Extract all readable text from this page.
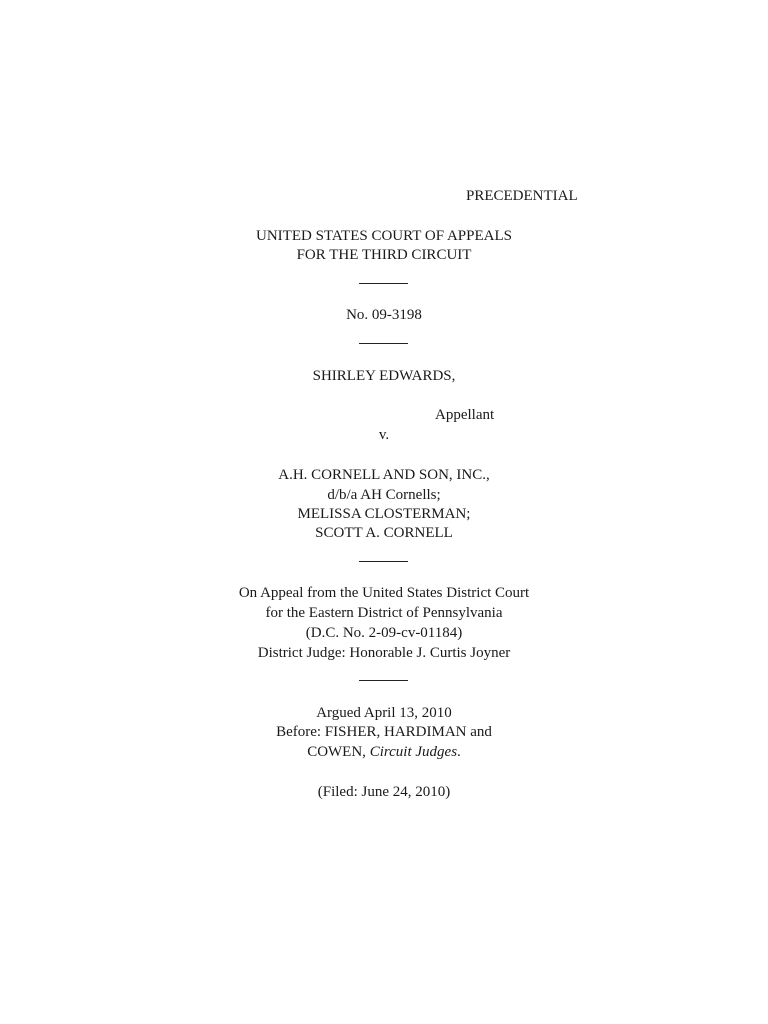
PRECEDENTIAL
UNITED STATES COURT OF APPEALS
FOR THE THIRD CIRCUIT
No. 09-3198
SHIRLEY EDWARDS,
Appellant
v.
A.H. CORNELL AND SON, INC.,
d/b/a AH Cornells;
MELISSA CLOSTERMAN;
SCOTT A. CORNELL
On Appeal from the United States District Court
for the Eastern District of Pennsylvania
(D.C. No. 2-09-cv-01184)
District Judge: Honorable J. Curtis Joyner
Argued April 13, 2010
Before: FISHER, HARDIMAN and
COWEN, Circuit Judges.
(Filed: June 24, 2010)
